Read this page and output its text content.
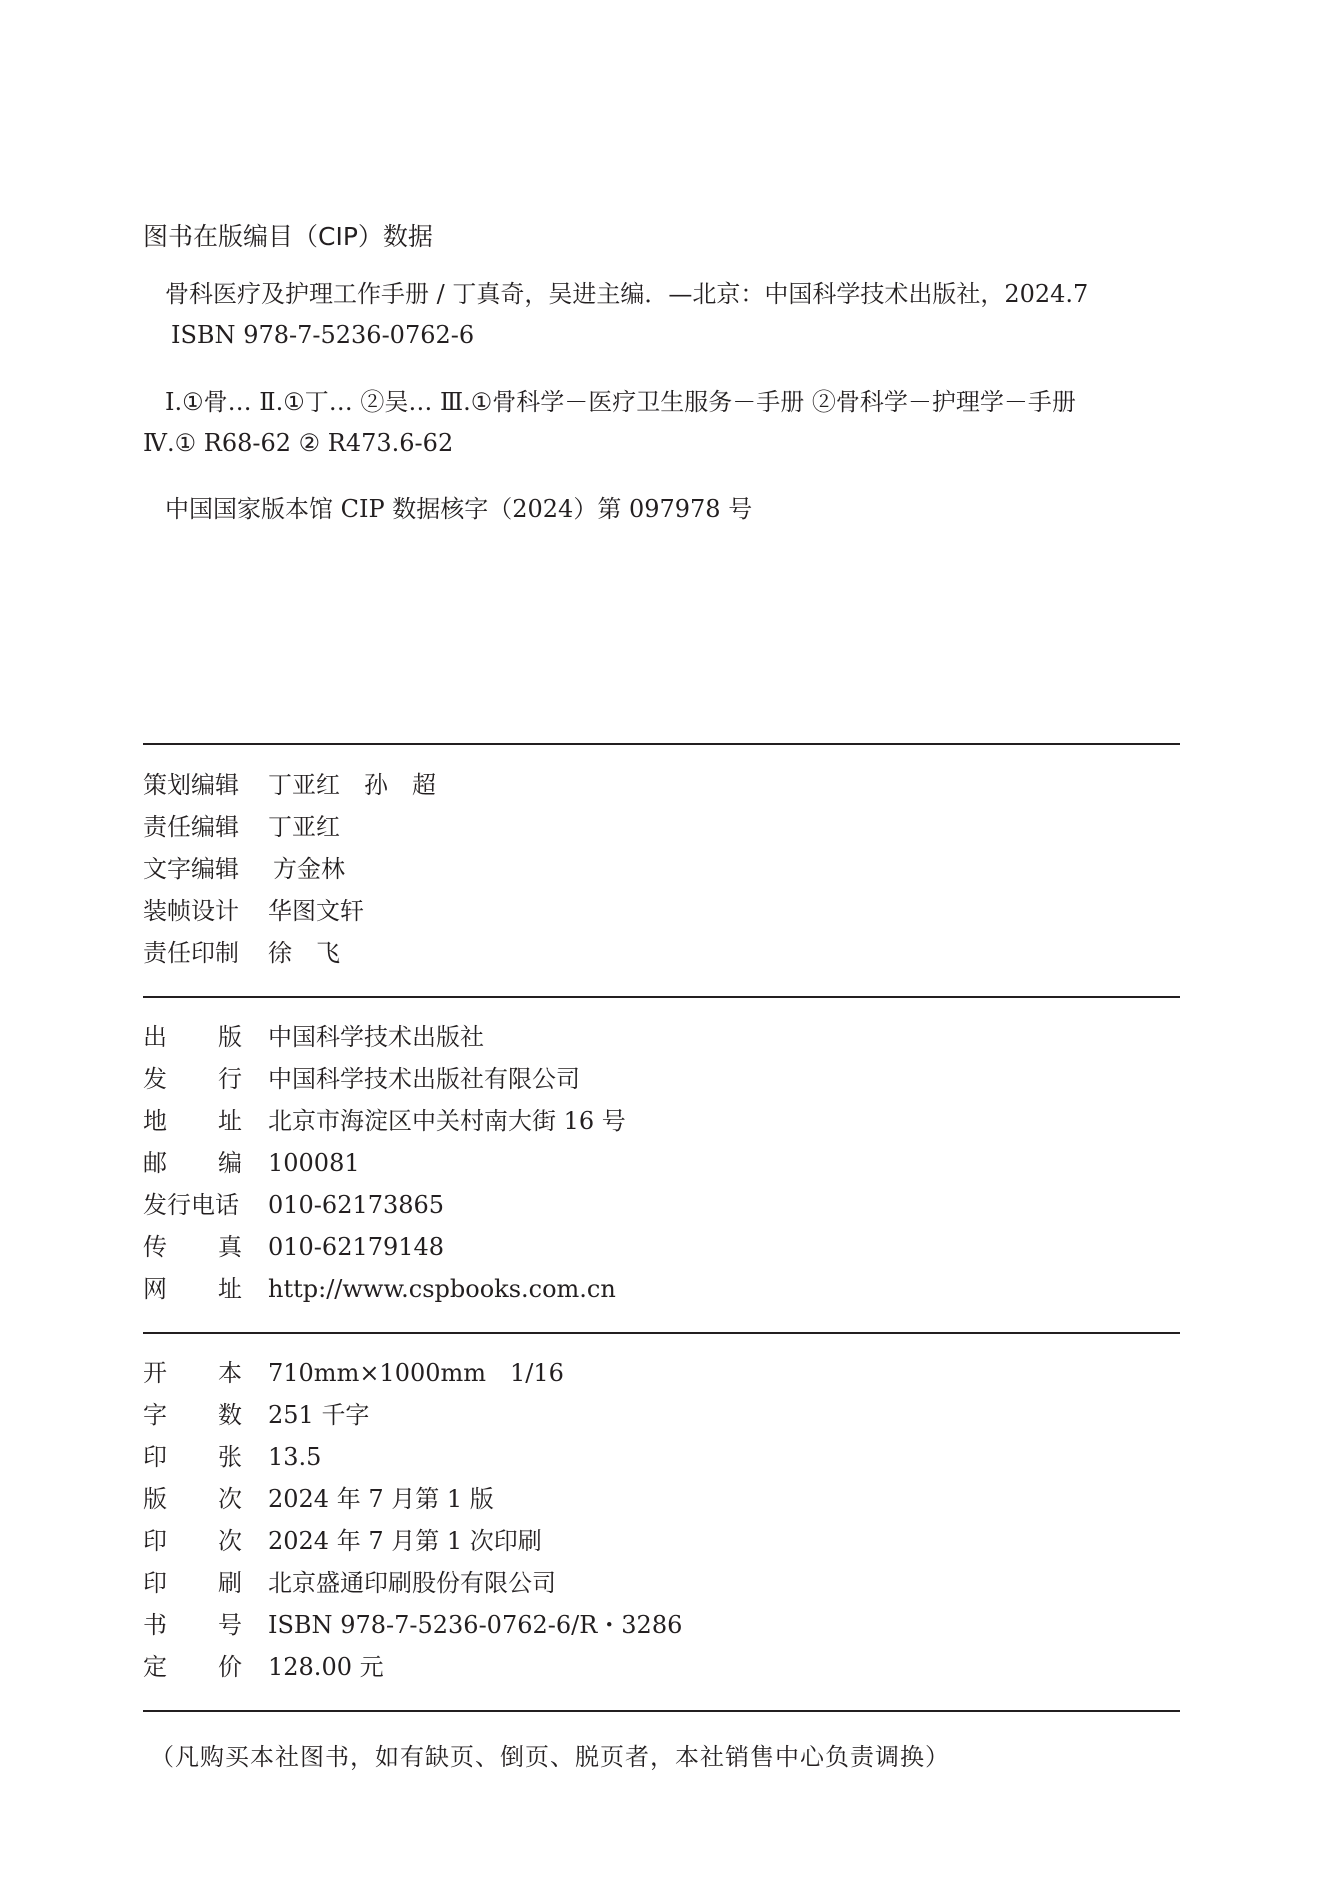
图书在版编目（CIP）数据
骨科医疗及护理工作手册 / 丁真奇，吴进主编．—北京：中国科学技术出版社，2024.7
ISBN 978-7-5236-0762-6
Ⅰ.①骨… Ⅱ.①丁… ②吴… Ⅲ.①骨科学－医疗卫生服务－手册 ②骨科学－护理学－手册
Ⅳ.① R68-62 ② R473.6-62
中国国家版本馆 CIP 数据核字（2024）第 097978 号
策划编辑 丁亚红　孙　超
责任编辑 丁亚红
文字编辑 方金林
装帧设计 华图文轩
责任印制 徐　飞
出 版 中国科学技术出版社
发 行 中国科学技术出版社有限公司
地 址 北京市海淀区中关村南大街 16 号
邮 编 100081
发行电话 010-62173865
传 真 010-62179148
网 址 http://www.cspbooks.com.cn
开 本 710mm×1000mm　1/16
字 数 251 千字
印 张 13.5
版 次 2024 年 7 月第 1 版
印 次 2024 年 7 月第 1 次印刷
印 刷 北京盛通印刷股份有限公司
书 号 ISBN 978-7-5236-0762-6/R・3286
定 价 128.00 元
（凡购买本社图书，如有缺页、倒页、脱页者，本社销售中心负责调换）
